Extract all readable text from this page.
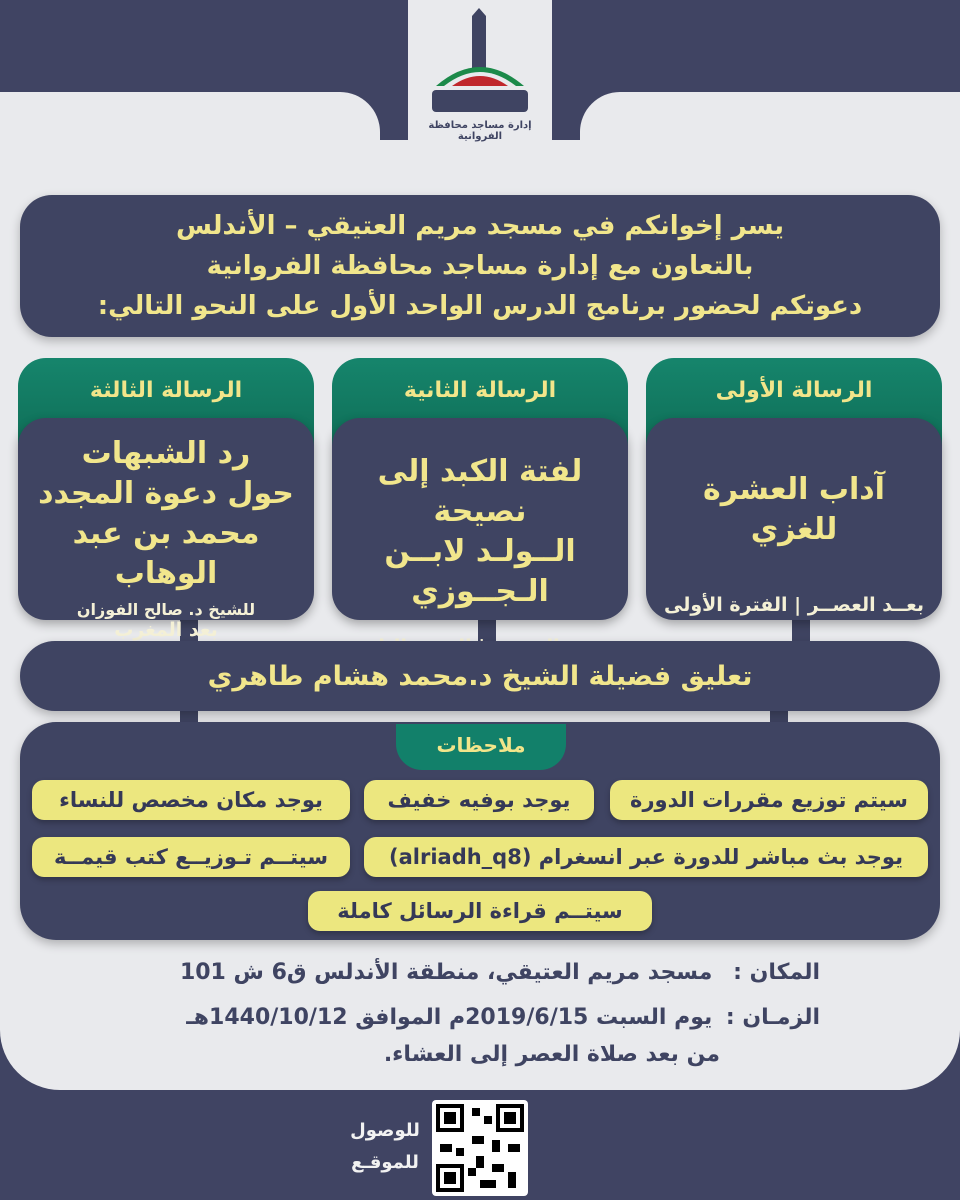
إدارة مساجد محافظة الفروانية
يسر إخوانكم في مسجد مريم العتيقي – الأندلس
بالتعاون مع إدارة مساجد محافظة الفروانية
دعوتكم لحضور برنامج الدرس الواحد الأول على النحو التالي:
الرسالة الأولى
آداب العشرة للغزي
بعــد العصــر | الفترة الأولى
الرسالة الثانية
لفتة الكبد إلى نصيحة
الــولـد لابــن الـجــوزي
الرسالة الثالثة
رد الشبهات
حول دعوة المجدد
محمد بن عبد الوهاب
للشيخ د. صالح الفوزان
بعد المغرب
تعليق فضيلة الشيخ د.محمد هشام طاهري
ملاحظات
سيتم توزيع مقررات الدورة
يوجد بوفيه خفيف
يوجد مكان مخصص للنساء
يوجد بث مباشر للدورة عبر انسغرام (alriadh_q8)
سيتــم تـوزيــع كتب قيمــة
سيتــم قراءة الرسائل كاملة
المكان : مسجد مريم العتيقي، منطقة الأندلس ق6 ش 101
الزمـان : يوم السبت 2019/6/15م الموافق 1440/10/12هـ
من بعد صلاة العصر إلى العشاء.
للوصول
للموقـع
